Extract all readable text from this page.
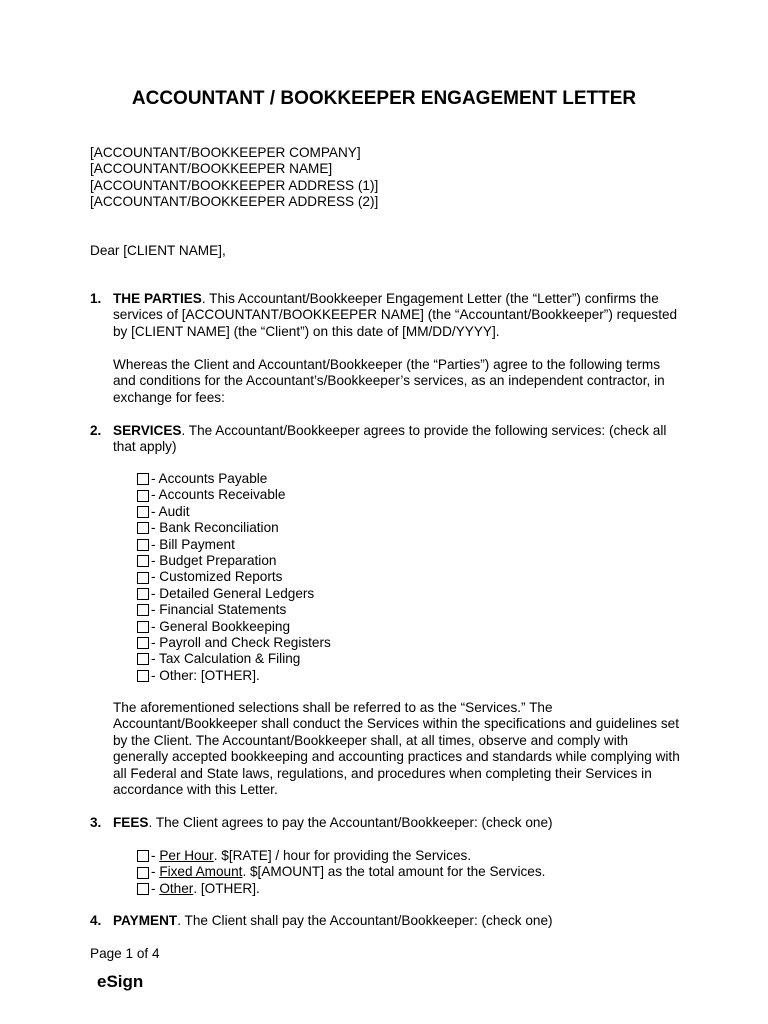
ACCOUNTANT / BOOKKEEPER ENGAGEMENT LETTER
[ACCOUNTANT/BOOKKEEPER COMPANY]
[ACCOUNTANT/BOOKKEEPER NAME]
[ACCOUNTANT/BOOKKEEPER ADDRESS (1)]
[ACCOUNTANT/BOOKKEEPER ADDRESS (2)]
Dear [CLIENT NAME],
1. THE PARTIES. This Accountant/Bookkeeper Engagement Letter (the “Letter”) confirms the services of [ACCOUNTANT/BOOKKEEPER NAME] (the “Accountant/Bookkeeper”) requested by [CLIENT NAME] (the “Client”) on this date of [MM/DD/YYYY].
Whereas the Client and Accountant/Bookkeeper (the “Parties”) agree to the following terms and conditions for the Accountant’s/Bookkeeper’s services, as an independent contractor, in exchange for fees:
2. SERVICES. The Accountant/Bookkeeper agrees to provide the following services: (check all that apply)
- Accounts Payable
- Accounts Receivable
- Audit
- Bank Reconciliation
- Bill Payment
- Budget Preparation
- Customized Reports
- Detailed General Ledgers
- Financial Statements
- General Bookkeeping
- Payroll and Check Registers
- Tax Calculation & Filing
- Other: [OTHER].
The aforementioned selections shall be referred to as the “Services.” The Accountant/Bookkeeper shall conduct the Services within the specifications and guidelines set by the Client. The Accountant/Bookkeeper shall, at all times, observe and comply with generally accepted bookkeeping and accounting practices and standards while complying with all Federal and State laws, regulations, and procedures when completing their Services in accordance with this Letter.
3. FEES. The Client agrees to pay the Accountant/Bookkeeper: (check one)
- Per Hour . $[RATE] / hour for providing the Services.
- Fixed Amount . $[AMOUNT] as the total amount for the Services.
- Other . [OTHER].
4. PAYMENT. The Client shall pay the Accountant/Bookkeeper: (check one)
Page 1 of 4
eSign
